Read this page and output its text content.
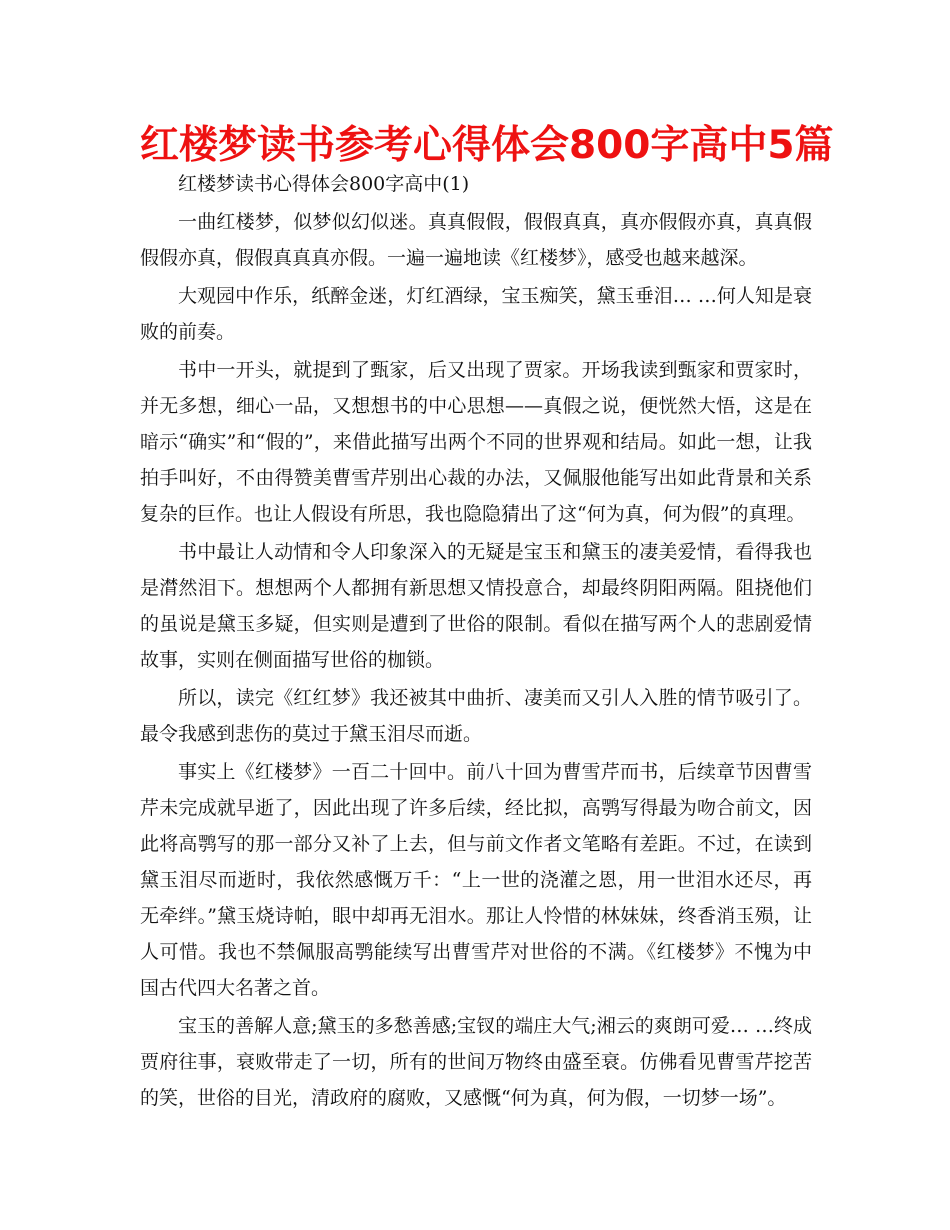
红楼梦读书参考心得体会800字高中5篇

红楼梦读书心得体会800字高中(1)

一曲红楼梦，似梦似幻似迷。真真假假，假假真真，真亦假假亦真，真真假假假亦真，假假真真真亦假。一遍一遍地读《红楼梦》，感受也越来越深。

大观园中作乐，纸醉金迷，灯红酒绿，宝玉痴笑，黛玉垂泪… …何人知是衰败的前奏。

书中一开头，就提到了甄家，后又出现了贾家。开场我读到甄家和贾家时，并无多想，细心一品，又想想书的中心思想——真假之说，便恍然大悟，这是在暗示“确实”和“假的”，来借此描写出两个不同的世界观和结局。如此一想，让我拍手叫好，不由得赞美曹雪芹别出心裁的办法，又佩服他能写出如此背景和关系复杂的巨作。也让人假设有所思，我也隐隐猜出了这“何为真，何为假”的真理。

书中最让人动情和令人印象深入的无疑是宝玉和黛玉的凄美爱情，看得我也是潸然泪下。想想两个人都拥有新思想又情投意合，却最终阴阳两隔。阻挠他们的虽说是黛玉多疑，但实则是遭到了世俗的限制。看似在描写两个人的悲剧爱情故事，实则在侧面描写世俗的枷锁。

所以，读完《红红梦》我还被其中曲折、凄美而又引人入胜的情节吸引了。最令我感到悲伤的莫过于黛玉泪尽而逝。

事实上《红楼梦》一百二十回中。前八十回为曹雪芹而书，后续章节因曹雪芹未完成就早逝了，因此出现了许多后续，经比拟，高鹗写得最为吻合前文，因此将高鹗写的那一部分又补了上去，但与前文作者文笔略有差距。不过，在读到黛玉泪尽而逝时，我依然感慨万千：“上一世的浇灌之恩，用一世泪水还尽，再无牵绊。”黛玉烧诗帕，眼中却再无泪水。那让人怜惜的林妹妹，终香消玉殒，让人可惜。我也不禁佩服高鹗能续写出曹雪芹对世俗的不满。《红楼梦》不愧为中国古代四大名著之首。

宝玉的善解人意;黛玉的多愁善感;宝钗的端庄大气;湘云的爽朗可爱… …终成贾府往事，衰败带走了一切，所有的世间万物终由盛至衰。仿佛看见曹雪芹挖苦的笑，世俗的目光，清政府的腐败，又感慨“何为真，何为假，一切梦一场”。
